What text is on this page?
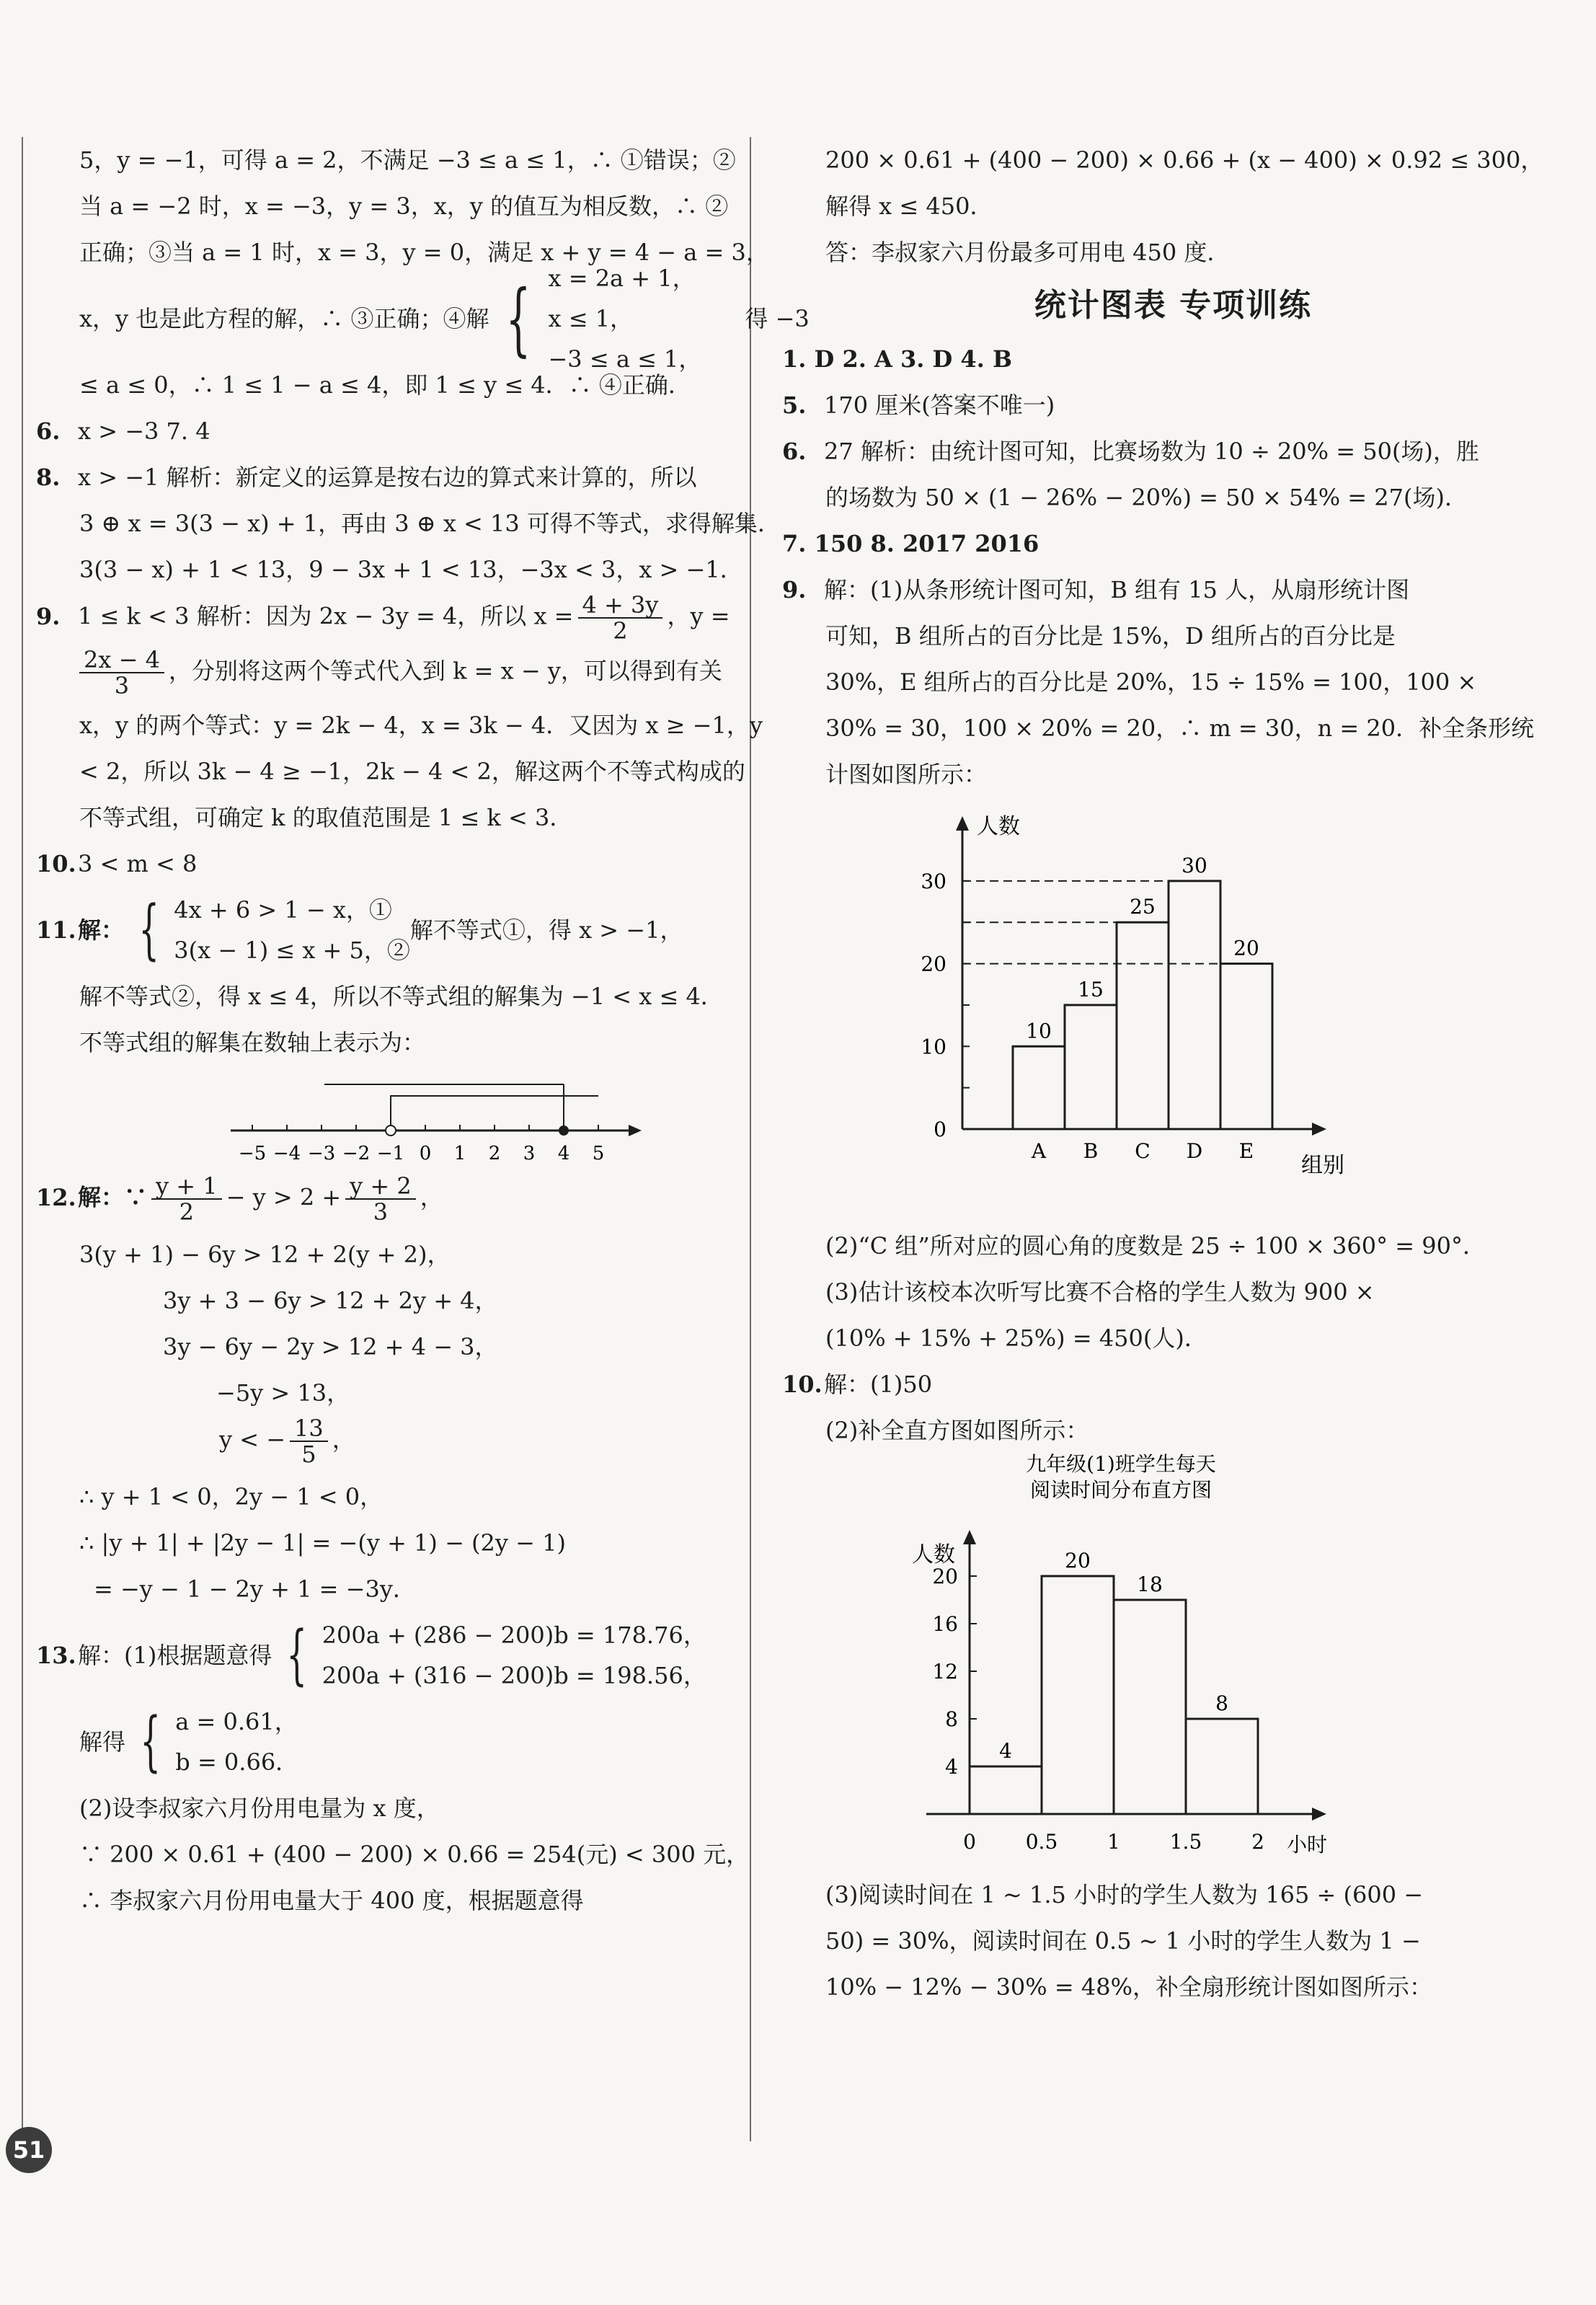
5，y = −1，可得 a = 2，不满足 −3 ≤ a ≤ 1，∴ ①错误；②
当 a = −2 时，x = −3，y = 3，x，y 的值互为相反数，∴ ②
正确；③当 a = 1 时，x = 3，y = 0，满足 x + y = 4 − a = 3，
x，y 也是此方程的解，∴ ③正确；④解 { x = 2a + 1，
x ≤ 1，
−3 ≤ a ≤ 1，
得 −3
≤ a ≤ 0，∴ 1 ≤ 1 − a ≤ 4，即 1 ≤ y ≤ 4．∴ ④正确．
6. x > −3 7. 4
8. x > −1 解析：新定义的运算是按右边的算式来计算的，所以
3 ⊕ x = 3(3 − x) + 1，再由 3 ⊕ x < 13 可得不等式，求得解集．
3(3 − x) + 1 < 13，9 − 3x + 1 < 13，−3x < 3，x > −1．
9. 1 ≤ k < 3 解析：因为 2x − 3y = 4，所以 $x = \frac{4 + 3y}{2}$ ，y =
$\frac{2x - 4}{3}$ ，分别将这两个等式代入到 k = x − y，可以得到有关
x，y 的两个等式：y = 2k − 4，x = 3k − 4．又因为 x ≥ −1，y
< 2，所以 3k − 4 ≥ −1，2k − 4 < 2，解这两个不等式构成的
不等式组，可确定 k 的取值范围是 1 ≤ k < 3．
10.3 < m < 8
11. 解： { 4x + 6 > 1 − x，①
3(x − 1) ≤ x + 5，②
解不等式①，得 x > −1，
解不等式②，得 x ≤ 4，所以不等式组的解集为 −1 < x ≤ 4．
不等式组的解集在数轴上表示为：
−5 −4 −3 −2 −1 0 1 2 3 4 5
12.解：∵ $\frac{y + 1}{2} - y > 2 + \frac{y + 2}{3}$ ，
3(y + 1) − 6y > 12 + 2(y + 2)，
3y + 3 − 6y > 12 + 2y + 4，
3y − 6y − 2y > 12 + 4 − 3，
−5y > 13，
y < − $\frac{13}{5}$ ，
∴ y + 1 < 0，2y − 1 < 0，
∴ |y + 1| + |2y − 1| = −(y + 1) − (2y − 1)
= −y − 1 − 2y + 1 = −3y．
13. 解：(1)根据题意得 { 200a + (286 − 200)b = 178.76，
200a + (316 − 200)b = 198.56，
解得 { a = 0.61，
b = 0.66．
(2)设李叔家六月份用电量为 x 度，
∵ 200 × 0.61 + (400 − 200) × 0.66 = 254(元) < 300 元，
∴ 李叔家六月份用电量大于 400 度，根据题意得
200 × 0.61 + (400 − 200) × 0.66 + (x − 400) × 0.92 ≤ 300，
解得 x ≤ 450．
答：李叔家六月份最多可用电 450 度．
统计图表 专项训练
1. D 2. A 3. D 4. B
5. 170 厘米(答案不唯一)
6. 27 解析：由统计图可知，比赛场数为 10 ÷ 20% = 50(场)，胜
的场数为 50 × (1 − 26% − 20%) = 50 × 54% = 27(场)．
7. 150 8. 2017 2016
9. 解：(1)从条形统计图可知，B 组有 15 人，从扇形统计图
可知，B 组所占的百分比是 15%，D 组所占的百分比是
30%，E 组所占的百分比是 20%，15 ÷ 15% = 100，100 ×
30% = 30，100 × 20% = 20，∴ m = 30，n = 20．补全条形统
计图如图所示：
人数
组别
0
10
20
30
10
A
15
B
25
C
30
D
20
E
(2)“C 组”所对应的圆心角的度数是 25 ÷ 100 × 360° = 90°．
(3)估计该校本次听写比赛不合格的学生人数为 900 ×
(10% + 15% + 25%) = 450(人)．
10.解：(1)50
(2)补全直方图如图所示：
九年级(1)班学生每天
阅读时间分布直方图
人数
小时
4
8
12
16
20
0 0.5 1 1.5 2
4
20
18
8
(3)阅读时间在 1 ~ 1.5 小时的学生人数为 165 ÷ (600 −
50) = 30%，阅读时间在 0.5 ~ 1 小时的学生人数为 1 −
10% − 12% − 30% = 48%，补全扇形统计图如图所示：
51
